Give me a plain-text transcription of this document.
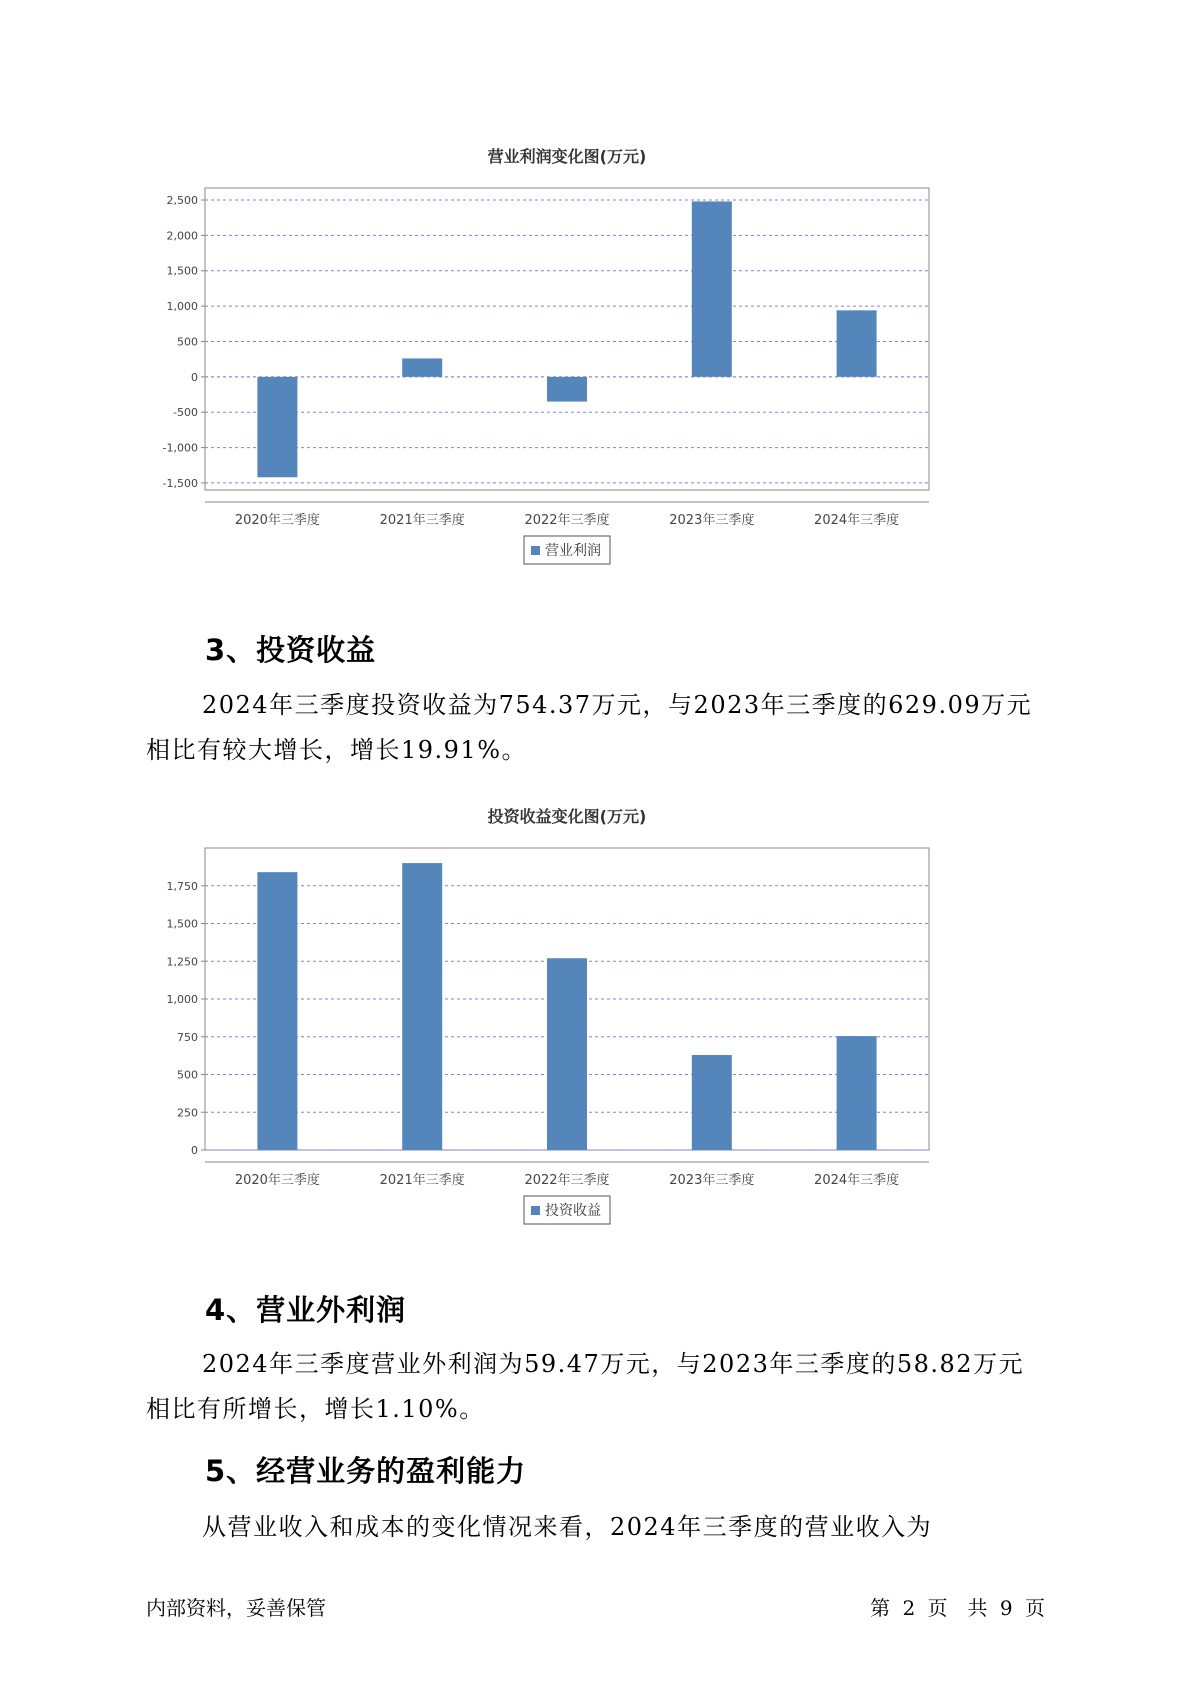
营业利润变化图(万元)
-1,500
-1,000
-500
0
500
1,000
1,500
2,000
2,500
2020年三季度	2021年三季度	2022年三季度	2023年三季度	2024年三季度
营业利润
3、投资收益

2024年三季度投资收益为754.37万元，与2023年三季度的629.09万元相比有较大增长，增长19.91%。

投资收益变化图(万元)
0
250
500
750
1,000
1,250
1,500
1,750
2020年三季度	2021年三季度	2022年三季度	2023年三季度	2024年三季度
投资收益
4、营业外利润

2024年三季度营业外利润为59.47万元，与2023年三季度的58.82万元相比有所增长，增长1.10%。

5、经营业务的盈利能力

从营业收入和成本的变化情况来看，2024年三季度的营业收入为

内部资料，妥善保管	第 2 页　共 9 页
